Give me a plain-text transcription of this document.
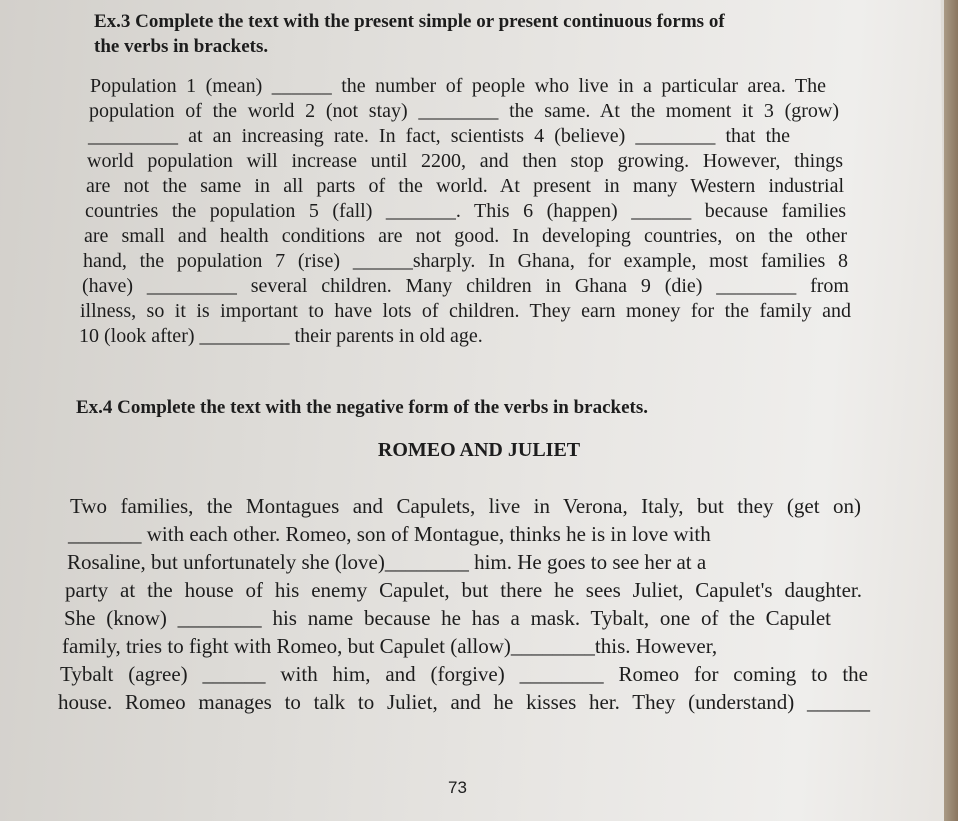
Ex.3 Complete the text with the present simple or present continuous forms of
the verbs in brackets.
Population 1 (mean) ______ the number of people who live in a particular area. The
population of the world 2 (not stay) ________ the same. At the moment it 3 (grow)
_________ at an increasing rate. In fact, scientists 4 (believe) ________ that the
world population will increase until 2200, and then stop growing. However, things
are not the same in all parts of the world. At present in many Western industrial
countries the population 5 (fall) _______. This 6 (happen) ______ because families
are small and health conditions are not good. In developing countries, on the other
hand, the population 7 (rise) ______sharply. In Ghana, for example, most families 8
(have) _________ several children. Many children in Ghana 9 (die) ________ from
illness, so it is important to have lots of children. They earn money for the family and
10 (look after) _________ their parents in old age.
Ex.4 Complete the text with the negative form of the verbs in brackets.
ROMEO AND JULIET
Two families, the Montagues and Capulets, live in Verona, Italy, but they (get on)
_______ with each other. Romeo, son of Montague, thinks he is in love with
Rosaline, but unfortunately she (love)________ him. He goes to see her at a
party at the house of his enemy Capulet, but there he sees Juliet, Capulet's daughter.
She (know) ________ his name because he has a mask. Tybalt, one of the Capulet
family, tries to fight with Romeo, but Capulet (allow)________this. However,
Tybalt (agree) ______ with him, and (forgive) ________ Romeo for coming to the
house. Romeo manages to talk to Juliet, and he kisses her. They (understand) ______
73
